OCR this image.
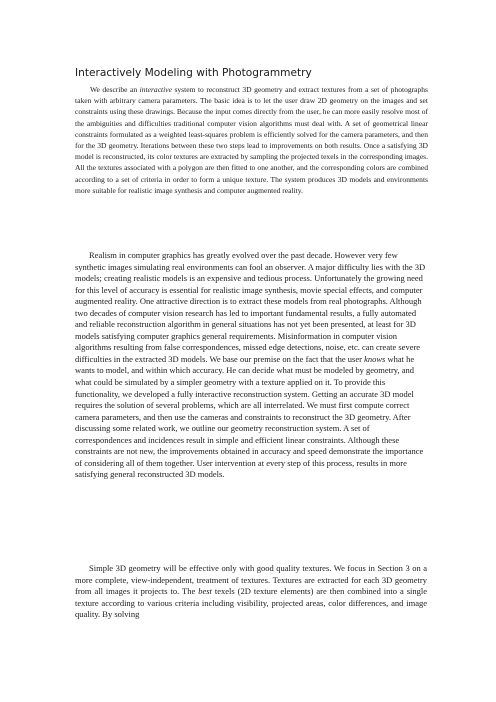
Interactively Modeling with Photogrammetry

We describe an interactive system to reconstruct 3D geometry and extract textures from a set of photographs taken with arbitrary camera parameters. The basic idea is to let the user draw 2D geometry on the images and set constraints using these drawings. Because the input comes directly from the user, he can more easily resolve most of the ambiguities and difficulties traditional computer vision algorithms must deal with. A set of geometrical linear constraints formulated as a weighted least-squares problem is efficiently solved for the camera parameters, and then for the 3D geometry. Iterations between these two steps lead to improvements on both results. Once a satisfying 3D model is reconstructed, its color textures are extracted by sampling the projected texels in the corresponding images. All the textures associated with a polygon are then fitted to one another, and the corresponding colors are combined according to a set of criteria in order to form a unique texture. The system produces 3D models and environments more suitable for realistic image synthesis and computer augmented reality.

Realism in computer graphics has greatly evolved over the past decade. However very few synthetic images simulating real environments can fool an observer. A major difficulty lies with the 3D models; creating realistic models is an expensive and tedious process. Unfortunately the growing need for this level of accuracy is essential for realistic image synthesis, movie special effects, and computer augmented reality. One attractive direction is to extract these models from real photographs. Although two decades of computer vision research has led to important fundamental results, a fully automated and reliable reconstruction algorithm in general situations has not yet been presented, at least for 3D models satisfying computer graphics general requirements. Misinformation in computer vision algorithms resulting from false correspondences, missed edge detections, noise, etc. can create severe difficulties in the extracted 3D models. We base our premise on the fact that the user knows what he wants to model, and within which accuracy. He can decide what must be modeled by geometry, and what could be simulated by a simpler geometry with a texture applied on it. To provide this functionality, we developed a fully interactive reconstruction system. Getting an accurate 3D model requires the solution of several problems, which are all interrelated. We must first compute correct camera parameters, and then use the cameras and constraints to reconstruct the 3D geometry. After discussing some related work, we outline our geometry reconstruction system. A set of correspondences and incidences result in simple and efficient linear constraints. Although these constraints are not new, the improvements obtained in accuracy and speed demonstrate the importance of considering all of them together. User intervention at every step of this process, results in more satisfying general reconstructed 3D models.

Simple 3D geometry will be effective only with good quality textures. We focus in Section 3 on a more complete, view-independent, treatment of textures. Textures are extracted for each 3D geometry from all images it projects to. The best texels (2D texture elements) are then combined into a single texture according to various criteria including visibility, projected areas, color differences, and image quality. By solving
